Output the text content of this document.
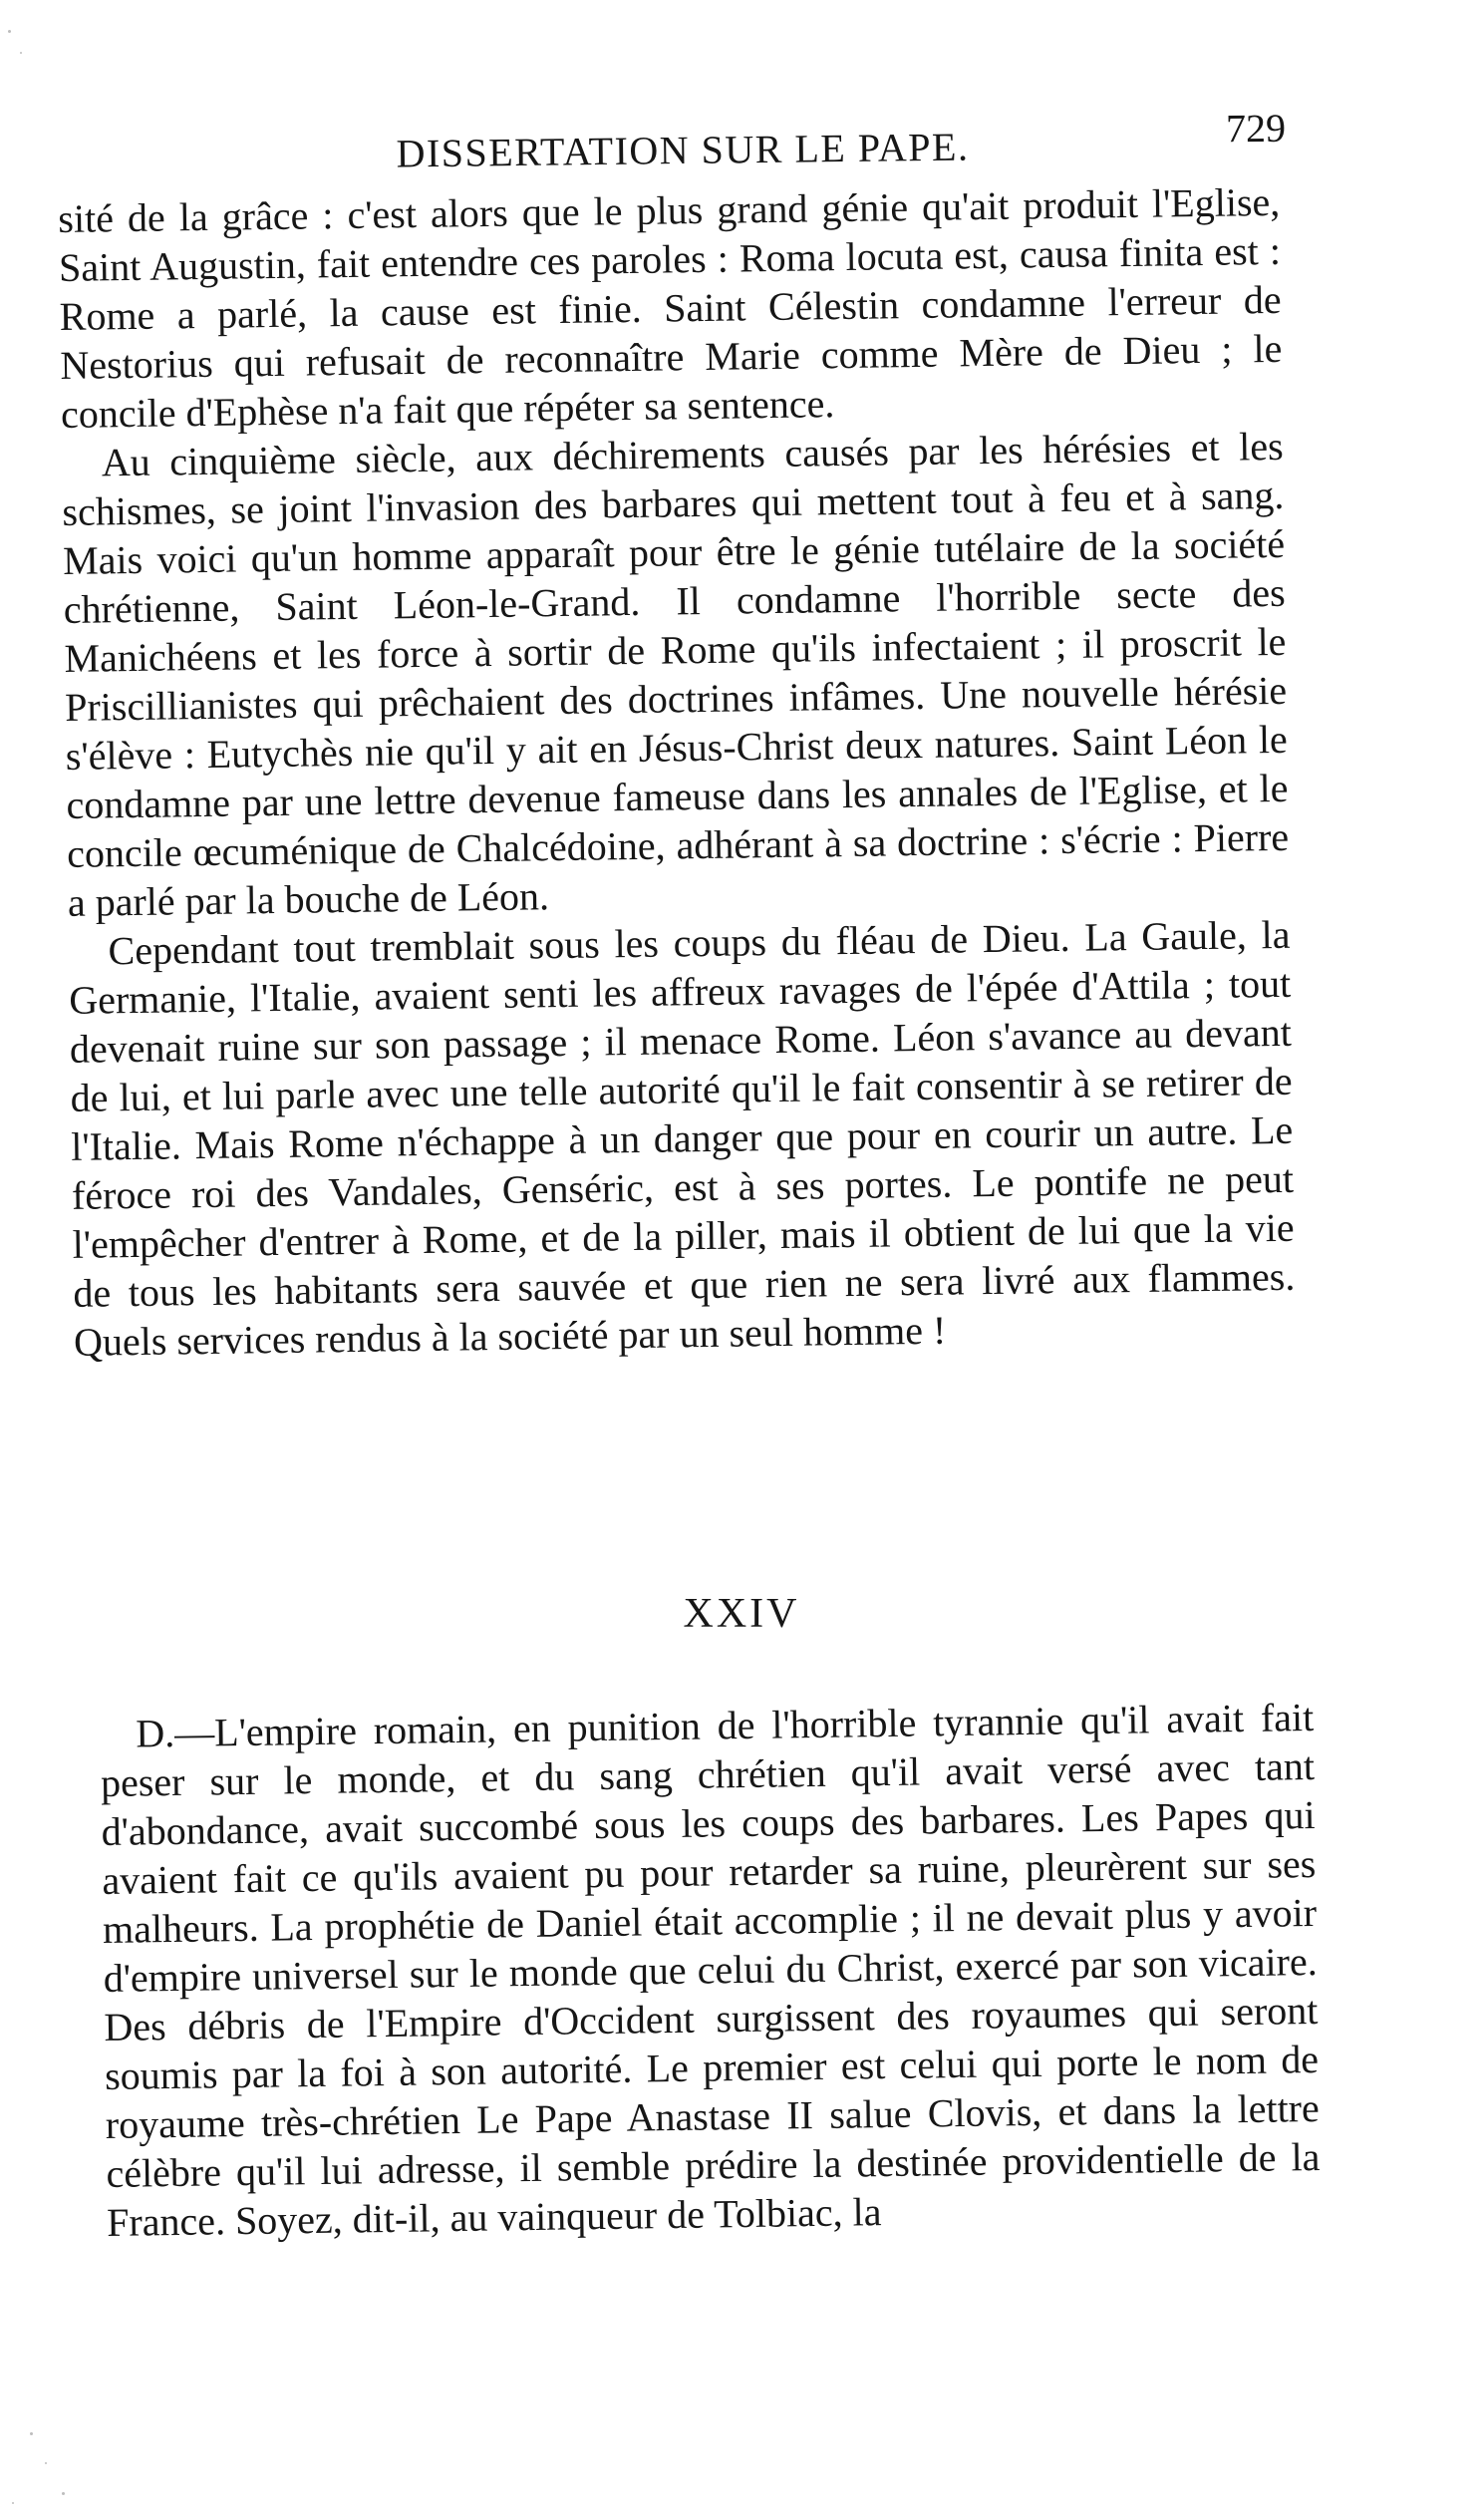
DISSERTATION SUR LE PAPE.	729

sité de la grâce : c'est alors que le plus grand génie qu'ait produit l'Eglise, Saint Augustin, fait entendre ces paroles : Roma locuta est, causa finita est : Rome a parlé, la cause est finie. Saint Célestin condamne l'erreur de Nestorius qui refusait de reconnaître Marie comme Mère de Dieu ; le concile d'Ephèse n'a fait que répéter sa sentence.

Au cinquième siècle, aux déchirements causés par les hérésies et les schismes, se joint l'invasion des barbares qui mettent tout à feu et à sang. Mais voici qu'un homme apparaît pour être le génie tutélaire de la société chrétienne, Saint Léon-le-Grand. Il condamne l'horrible secte des Manichéens et les force à sortir de Rome qu'ils infectaient ; il proscrit le Priscillianistes qui prêchaient des doctrines infâmes. Une nouvelle hérésie s'élève : Eutychès nie qu'il y ait en Jésus-Christ deux natures. Saint Léon le condamne par une lettre devenue fameuse dans les annales de l'Eglise, et le concile œcuménique de Chalcédoine, adhérant à sa doctrine : s'écrie : Pierre a parlé par la bouche de Léon.

Cependant tout tremblait sous les coups du fléau de Dieu. La Gaule, la Germanie, l'Italie, avaient senti les affreux ravages de l'épée d'Attila ; tout devenait ruine sur son passage ; il menace Rome. Léon s'avance au devant de lui, et lui parle avec une telle autorité qu'il le fait consentir à se retirer de l'Italie. Mais Rome n'échappe à un danger que pour en courir un autre. Le féroce roi des Vandales, Genséric, est à ses portes. Le pontife ne peut l'empêcher d'entrer à Rome, et de la piller, mais il obtient de lui que la vie de tous les habitants sera sauvée et que rien ne sera livré aux flammes. Quels services rendus à la société par un seul homme !

XXIV

D.—L'empire romain, en punition de l'horrible tyrannie qu'il avait fait peser sur le monde, et du sang chrétien qu'il avait versé avec tant d'abondance, avait succombé sous les coups des barbares. Les Papes qui avaient fait ce qu'ils avaient pu pour retarder sa ruine, pleurèrent sur ses malheurs. La prophétie de Daniel était accomplie ; il ne devait plus y avoir d'empire universel sur le monde que celui du Christ, exercé par son vicaire. Des débris de l'Empire d'Occident surgissent des royaumes qui seront soumis par la foi à son autorité. Le premier est celui qui porte le nom de royaume très-chrétien Le Pape Anastase II salue Clovis, et dans la lettre célèbre qu'il lui adresse, il semble prédire la destinée providentielle de la France. Soyez, dit-il, au vainqueur de Tolbiac, la
